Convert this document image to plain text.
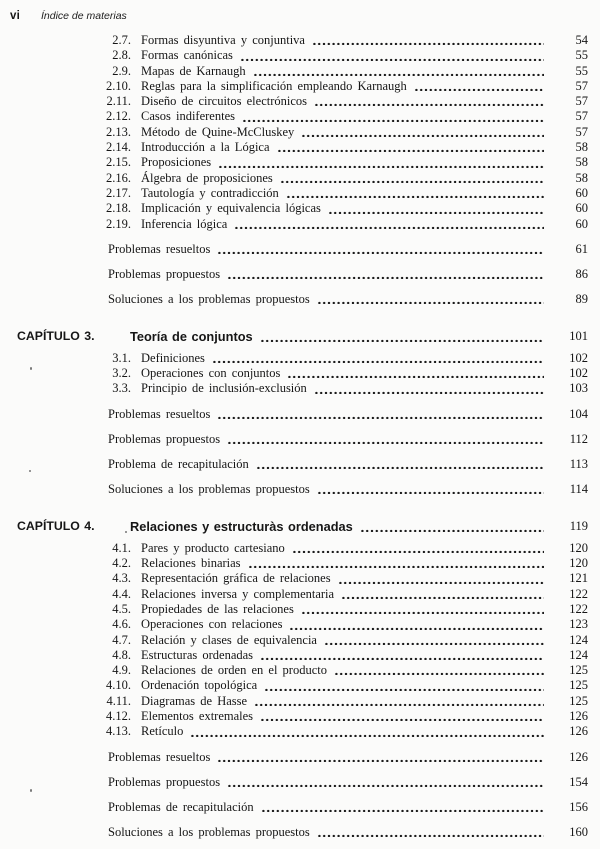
vi Índice de materias
2.7. Formas disyuntiva y conjuntiva	54
2.8. Formas canónicas	55
2.9. Mapas de Karnaugh	55
2.10. Reglas para la simplificación empleando Karnaugh	57
2.11. Diseño de circuitos electrónicos	57
2.12. Casos indiferentes	57
2.13. Método de Quine-McCluskey	57
2.14. Introducción a la Lógica	58
2.15. Proposiciones	58
2.16. Álgebra de proposiciones	58
2.17. Tautología y contradicción	60
2.18. Implicación y equivalencia lógicas	60
2.19. Inferencia lógica	60
Problemas resueltos	61
Problemas propuestos	86
Soluciones a los problemas propuestos	89
CAPÍTULO 3.	Teoría de conjuntos	101
3.1. Definiciones	102
3.2. Operaciones con conjuntos	102
3.3. Principio de inclusión-exclusión	103
Problemas resueltos	104
Problemas propuestos	112
Problema de recapitulación	113
Soluciones a los problemas propuestos	114
CAPÍTULO 4.	Relaciones y estructuràs ordenadas	119
4.1. Pares y producto cartesiano	120
4.2. Relaciones binarias	120
4.3. Representación gráfica de relaciones	121
4.4. Relaciones inversa y complementaria	122
4.5. Propiedades de las relaciones	122
4.6. Operaciones con relaciones	123
4.7. Relación y clases de equivalencia	124
4.8. Estructuras ordenadas	124
4.9. Relaciones de orden en el producto	125
4.10. Ordenación topológica	125
4.11. Diagramas de Hasse	125
4.12. Elementos extremales	126
4.13. Retículo	126
Problemas resueltos	126
Problemas propuestos	154
Problemas de recapitulación	156
Soluciones a los problemas propuestos	160
